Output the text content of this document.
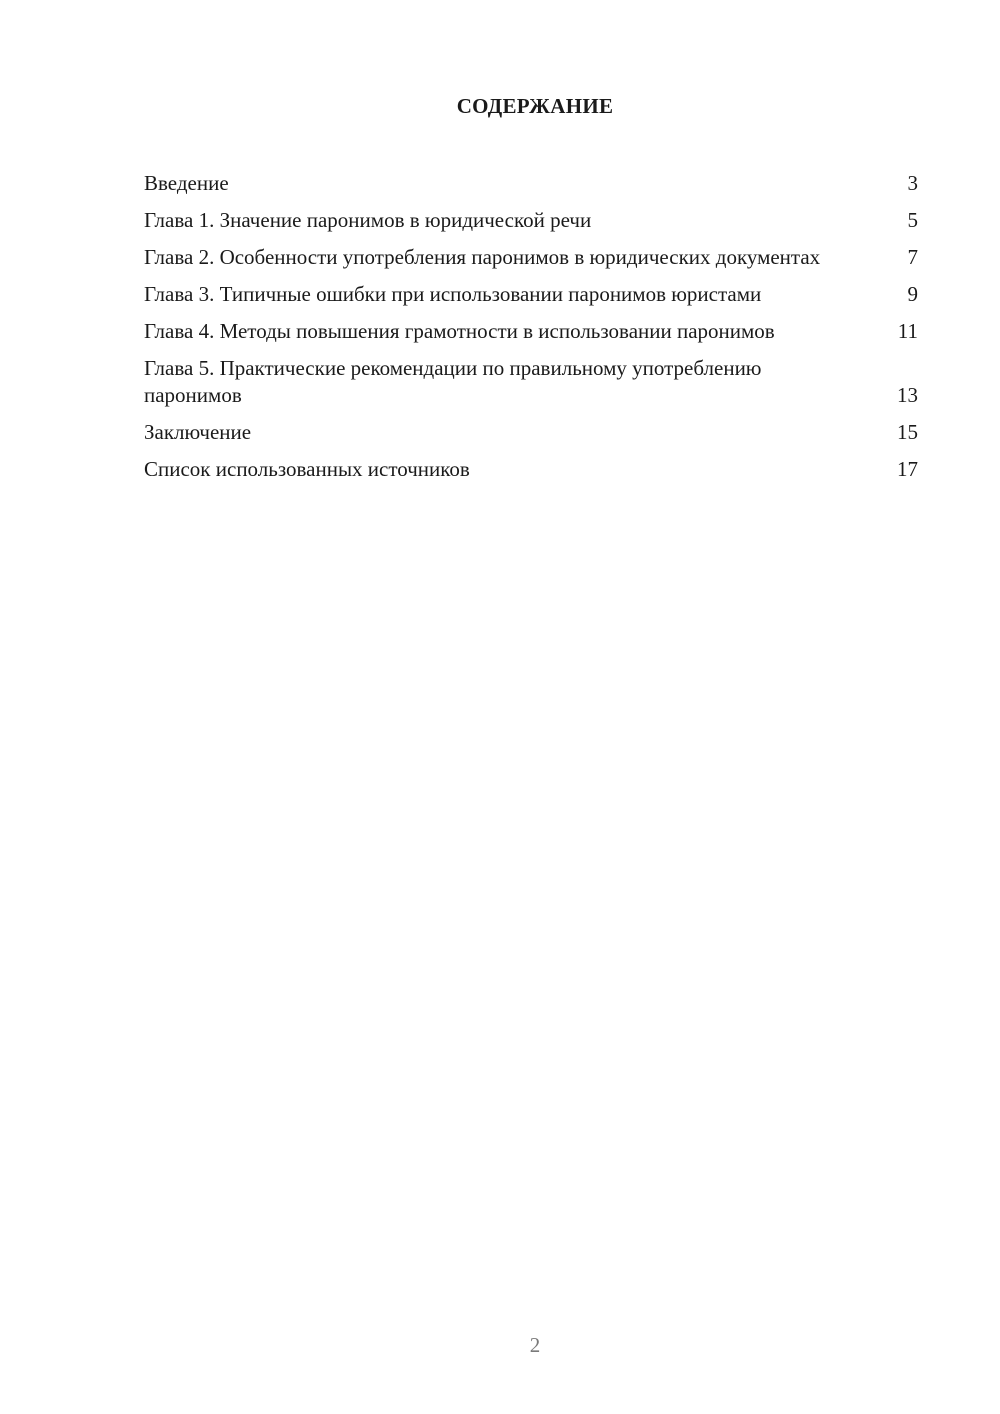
СОДЕРЖАНИЕ
Введение	3
Глава 1. Значение паронимов в юридической речи	5
Глава 2. Особенности употребления паронимов в юридических документах	7
Глава 3. Типичные ошибки при использовании паронимов юристами	9
Глава 4. Методы повышения грамотности в использовании паронимов	11
Глава 5. Практические рекомендации по правильному употреблению паронимов	13
Заключение	15
Список использованных источников	17
2
